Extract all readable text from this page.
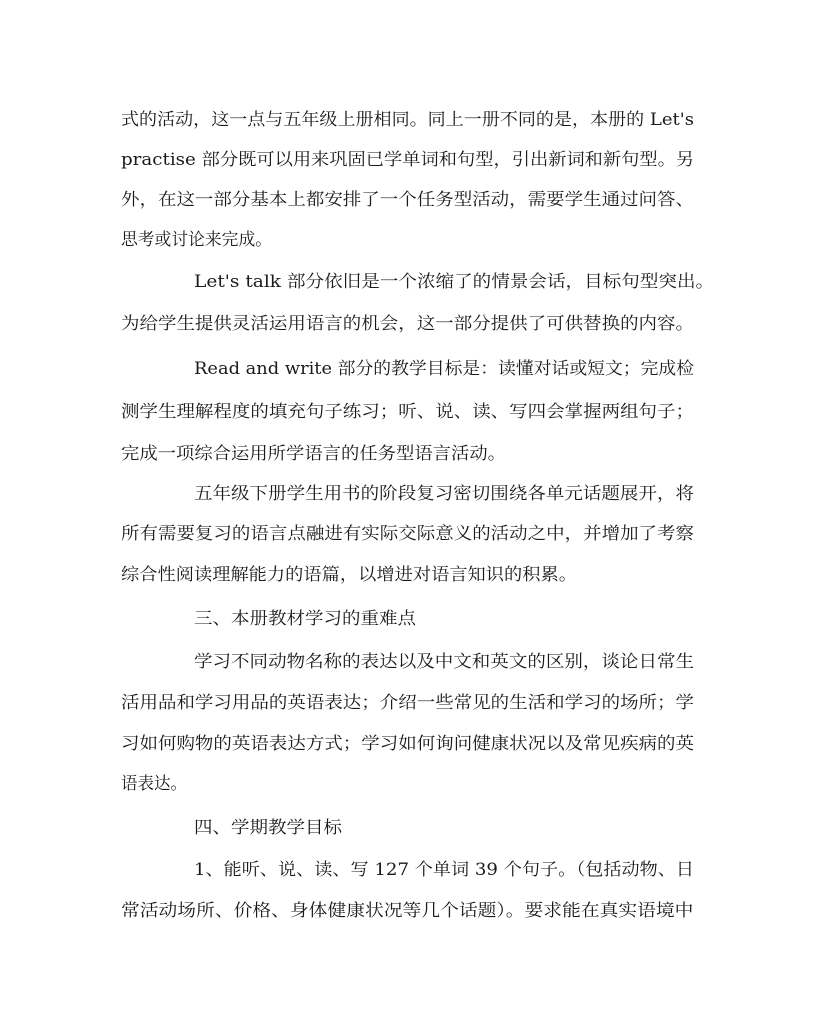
式的活动，这一点与五年级上册相同。同上一册不同的是，本册的 Let's
practise 部分既可以用来巩固已学单词和句型，引出新词和新句型。另
外，在这一部分基本上都安排了一个任务型活动，需要学生通过问答、
思考或讨论来完成。
Let's talk 部分依旧是一个浓缩了的情景会话，目标句型突出。
为给学生提供灵活运用语言的机会，这一部分提供了可供替换的内容。
Read and write 部分的教学目标是：读懂对话或短文；完成检
测学生理解程度的填充句子练习；听、说、读、写四会掌握两组句子；
完成一项综合运用所学语言的任务型语言活动。
五年级下册学生用书的阶段复习密切围绕各单元话题展开，将
所有需要复习的语言点融进有实际交际意义的活动之中，并增加了考察
综合性阅读理解能力的语篇，以增进对语言知识的积累。
三、本册教材学习的重难点
学习不同动物名称的表达以及中文和英文的区别，谈论日常生
活用品和学习用品的英语表达；介绍一些常见的生活和学习的场所；学
习如何购物的英语表达方式；学习如何询问健康状况以及常见疾病的英
语表达。
四、学期教学目标
1、能听、说、读、写 127 个单词 39 个句子。（包括动物、日
常活动场所、价格、身体健康状况等几个话题）。要求能在真实语境中
